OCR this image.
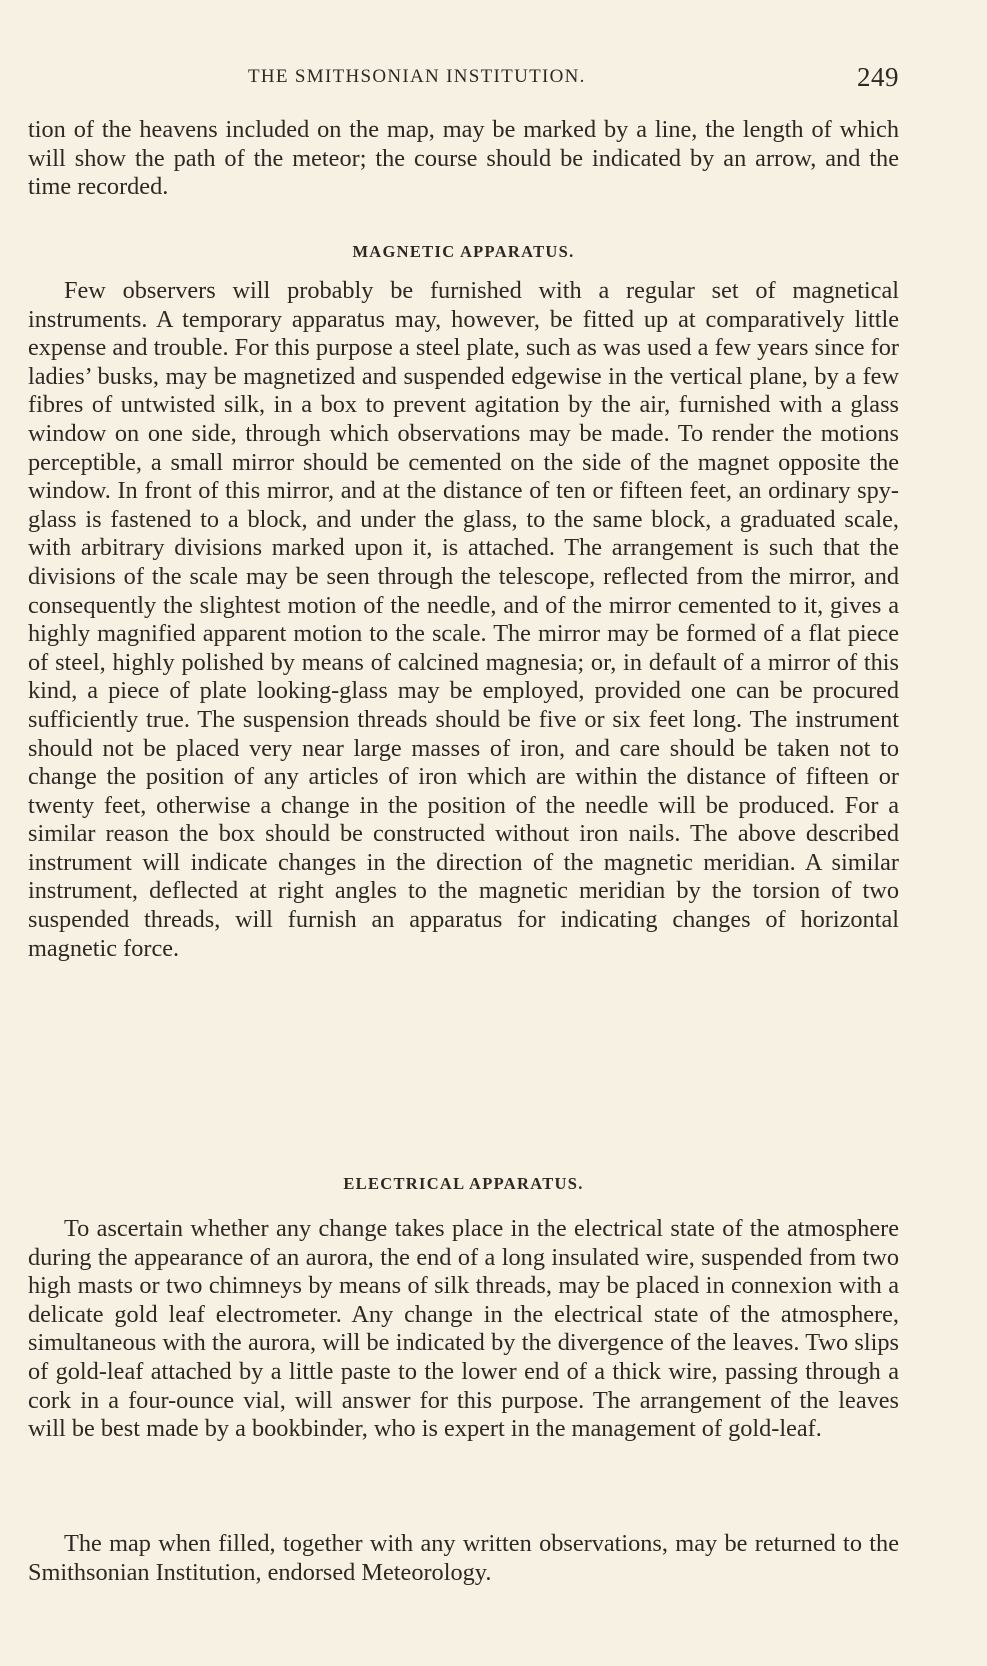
THE SMITHSONIAN INSTITUTION.	249

tion of the heavens included on the map, may be marked by a line, the length of which will show the path of the meteor; the course should be indicated by an arrow, and the time recorded.

MAGNETIC APPARATUS.

Few observers will probably be furnished with a regular set of magnetical instruments. A temporary apparatus may, however, be fitted up at comparatively little expense and trouble. For this purpose a steel plate, such as was used a few years since for ladies’ busks, may be magnetized and suspended edgewise in the vertical plane, by a few fibres of untwisted silk, in a box to prevent agitation by the air, furnished with a glass window on one side, through which observations may be made. To render the motions perceptible, a small mirror should be cemented on the side of the magnet opposite the window. In front of this mirror, and at the distance of ten or fifteen feet, an ordinary spy-glass is fastened to a block, and under the glass, to the same block, a graduated scale, with arbitrary divisions marked upon it, is attached. The arrangement is such that the divisions of the scale may be seen through the telescope, reflected from the mirror, and consequently the slightest motion of the needle, and of the mirror cemented to it, gives a highly magnified apparent motion to the scale. The mirror may be formed of a flat piece of steel, highly polished by means of calcined magnesia; or, in default of a mirror of this kind, a piece of plate looking-glass may be employed, provided one can be procured sufficiently true. The suspension threads should be five or six feet long. The instrument should not be placed very near large masses of iron, and care should be taken not to change the position of any articles of iron which are within the distance of fifteen or twenty feet, otherwise a change in the position of the needle will be produced. For a similar reason the box should be constructed without iron nails. The above described instrument will indicate changes in the direction of the magnetic meridian. A similar instrument, deflected at right angles to the magnetic meridian by the torsion of two suspended threads, will furnish an apparatus for indicating changes of horizontal magnetic force.

ELECTRICAL APPARATUS.

To ascertain whether any change takes place in the electrical state of the atmosphere during the appearance of an aurora, the end of a long insulated wire, suspended from two high masts or two chimneys by means of silk threads, may be placed in connexion with a delicate gold leaf electrometer. Any change in the electrical state of the atmosphere, simultaneous with the aurora, will be indicated by the divergence of the leaves. Two slips of gold-leaf attached by a little paste to the lower end of a thick wire, passing through a cork in a four-ounce vial, will answer for this purpose. The arrangement of the leaves will be best made by a bookbinder, who is expert in the management of gold-leaf.

The map when filled, together with any written observations, may be returned to the Smithsonian Institution, endorsed Meteorology.
